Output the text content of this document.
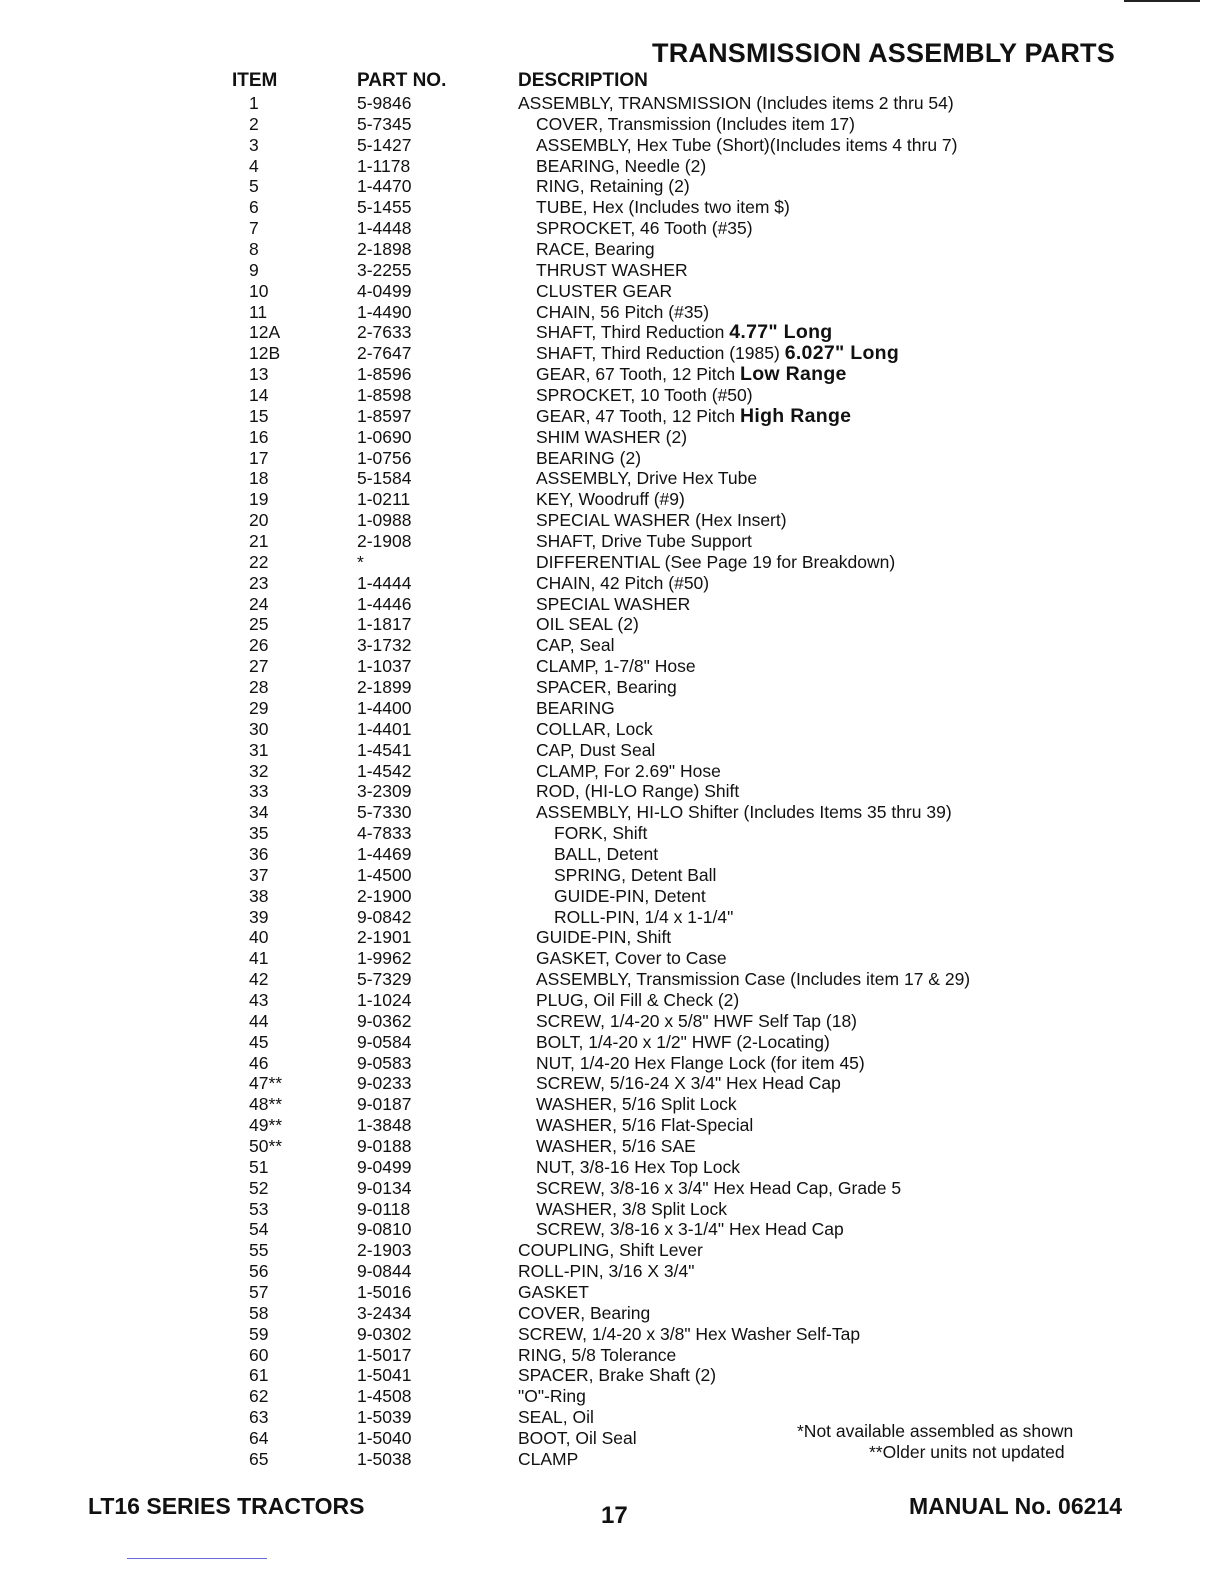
TRANSMISSION ASSEMBLY PARTS
ITEM	PART NO.	DESCRIPTION
1	5-9846	ASSEMBLY, TRANSMISSION (Includes items 2 thru 54)
2	5-7345	COVER, Transmission (Includes item 17)
3	5-1427	ASSEMBLY, Hex Tube (Short)(Includes items 4 thru 7)
4	1-1178	BEARING, Needle (2)
5	1-4470	RING, Retaining (2)
6	5-1455	TUBE, Hex (Includes two item $)
7	1-4448	SPROCKET, 46 Tooth (#35)
8	2-1898	RACE, Bearing
9	3-2255	THRUST WASHER
10	4-0499	CLUSTER GEAR
11	1-4490	CHAIN, 56 Pitch (#35)
12A	2-7633	SHAFT, Third Reduction 4.77" Long
12B	2-7647	SHAFT, Third Reduction (1985) 6.027" Long
13	1-8596	GEAR, 67 Tooth, 12 Pitch Low Range
14	1-8598	SPROCKET, 10 Tooth (#50)
15	1-8597	GEAR, 47 Tooth, 12 Pitch High Range
16	1-0690	SHIM WASHER (2)
17	1-0756	BEARING (2)
18	5-1584	ASSEMBLY, Drive Hex Tube
19	1-0211	KEY, Woodruff (#9)
20	1-0988	SPECIAL WASHER (Hex Insert)
21	2-1908	SHAFT, Drive Tube Support
22	*	DIFFERENTIAL (See Page 19 for Breakdown)
23	1-4444	CHAIN, 42 Pitch (#50)
24	1-4446	SPECIAL WASHER
25	1-1817	OIL SEAL (2)
26	3-1732	CAP, Seal
27	1-1037	CLAMP, 1-7/8" Hose
28	2-1899	SPACER, Bearing
29	1-4400	BEARING
30	1-4401	COLLAR, Lock
31	1-4541	CAP, Dust Seal
32	1-4542	CLAMP, For 2.69" Hose
33	3-2309	ROD, (HI-LO Range) Shift
34	5-7330	ASSEMBLY, HI-LO Shifter (Includes Items 35 thru 39)
35	4-7833	FORK, Shift
36	1-4469	BALL, Detent
37	1-4500	SPRING, Detent Ball
38	2-1900	GUIDE-PIN, Detent
39	9-0842	ROLL-PIN, 1/4 x 1-1/4"
40	2-1901	GUIDE-PIN, Shift
41	1-9962	GASKET, Cover to Case
42	5-7329	ASSEMBLY, Transmission Case (Includes item 17 & 29)
43	1-1024	PLUG, Oil Fill & Check (2)
44	9-0362	SCREW, 1/4-20 x 5/8" HWF Self Tap (18)
45	9-0584	BOLT, 1/4-20 x 1/2" HWF (2-Locating)
46	9-0583	NUT, 1/4-20 Hex Flange Lock (for item 45)
47**	9-0233	SCREW, 5/16-24 X 3/4" Hex Head Cap
48**	9-0187	WASHER, 5/16 Split Lock
49**	1-3848	WASHER, 5/16 Flat-Special
50**	9-0188	WASHER, 5/16 SAE
51	9-0499	NUT, 3/8-16 Hex Top Lock
52	9-0134	SCREW, 3/8-16 x 3/4" Hex Head Cap, Grade 5
53	9-0118	WASHER, 3/8 Split Lock
54	9-0810	SCREW, 3/8-16 x 3-1/4" Hex Head Cap
55	2-1903	COUPLING, Shift Lever
56	9-0844	ROLL-PIN, 3/16 X 3/4"
57	1-5016	GASKET
58	3-2434	COVER, Bearing
59	9-0302	SCREW, 1/4-20 x 3/8" Hex Washer Self-Tap
60	1-5017	RING, 5/8 Tolerance
61	1-5041	SPACER, Brake Shaft (2)
62	1-4508	"O"-Ring
63	1-5039	SEAL, Oil
64	1-5040	BOOT, Oil Seal
65	1-5038	CLAMP
*Not available assembled as shown
**Older units not updated
LT16 SERIES TRACTORS	17	MANUAL No. 06214
